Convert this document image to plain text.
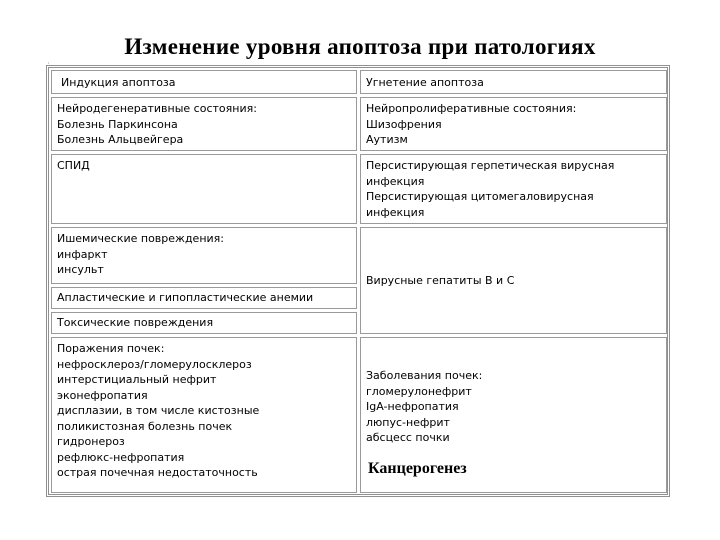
Изменение уровня апоптоза при патологиях
′
Индукция апоптоза	Угнетение апоптоза
Нейродегенеративные состояния:
Болезнь Паркинсона
Болезнь Альцвейгера
Нейропролиферативные состояния:
Шизофрения
Аутизм
СПИД	Персистирующая герпетическая вирусная
инфекция
Персистирующая цитомегаловирусная
инфекция
Ишемические повреждения:
инфаркт
инсульт
Апластические и гипопластические анемии
Токсические повреждения
Вирусные гепатиты В и С
Поражения почек:
нефросклероз/гломерулосклероз
интерстициальный нефрит
эконефропатия
дисплазии, в том числе кистозные
поликистозная болезнь почек
гидронероз
рефлюкс-нефропатия
острая почечная недостаточность
Заболевания почек:
гломерулонефрит
IgA-нефропатия
люпус-нефрит
абсцесс почки
Канцерогенез
